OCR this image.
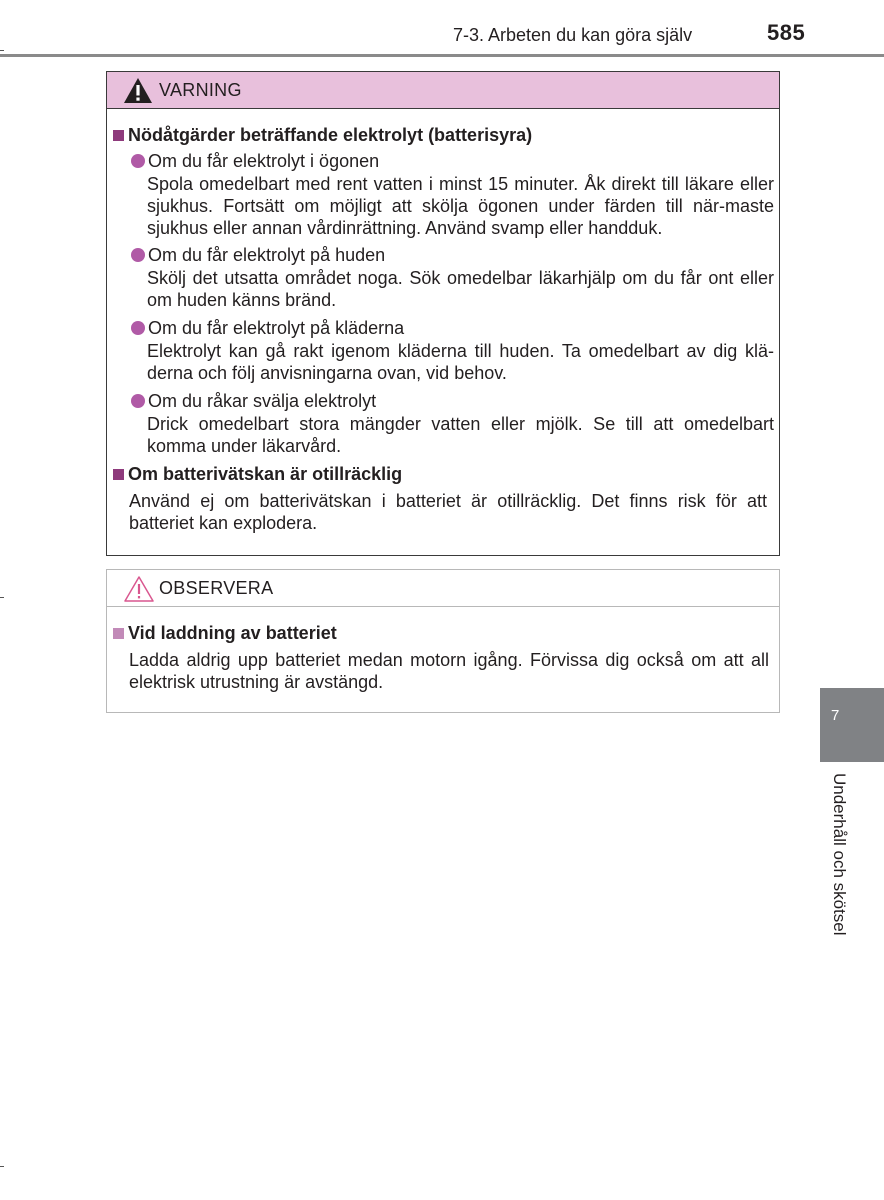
7-3. Arbeten du kan göra själv	585
VARNING
Nödåtgärder beträffande elektrolyt (batterisyra)
Om du får elektrolyt i ögonen
Spola omedelbart med rent vatten i minst 15 minuter. Åk direkt till läkare eller sjukhus. Fortsätt om möjligt att skölja ögonen under färden till när-maste sjukhus eller annan vårdinrättning. Använd svamp eller handduk.
Om du får elektrolyt på huden
Skölj det utsatta området noga. Sök omedelbar läkarhjälp om du får ont eller om huden känns bränd.
Om du får elektrolyt på kläderna
Elektrolyt kan gå rakt igenom kläderna till huden. Ta omedelbart av dig klä-derna och följ anvisningarna ovan, vid behov.
Om du råkar svälja elektrolyt
Drick omedelbart stora mängder vatten eller mjölk. Se till att omedelbart komma under läkarvård.
Om batterivätskan är otillräcklig
Använd ej om batterivätskan i batteriet är otillräcklig. Det finns risk för att batteriet kan explodera.
OBSERVERA
Vid laddning av batteriet
Ladda aldrig upp batteriet medan motorn igång. Förvissa dig också om att all elektrisk utrustning är avstängd.
7
Underhåll och skötsel
